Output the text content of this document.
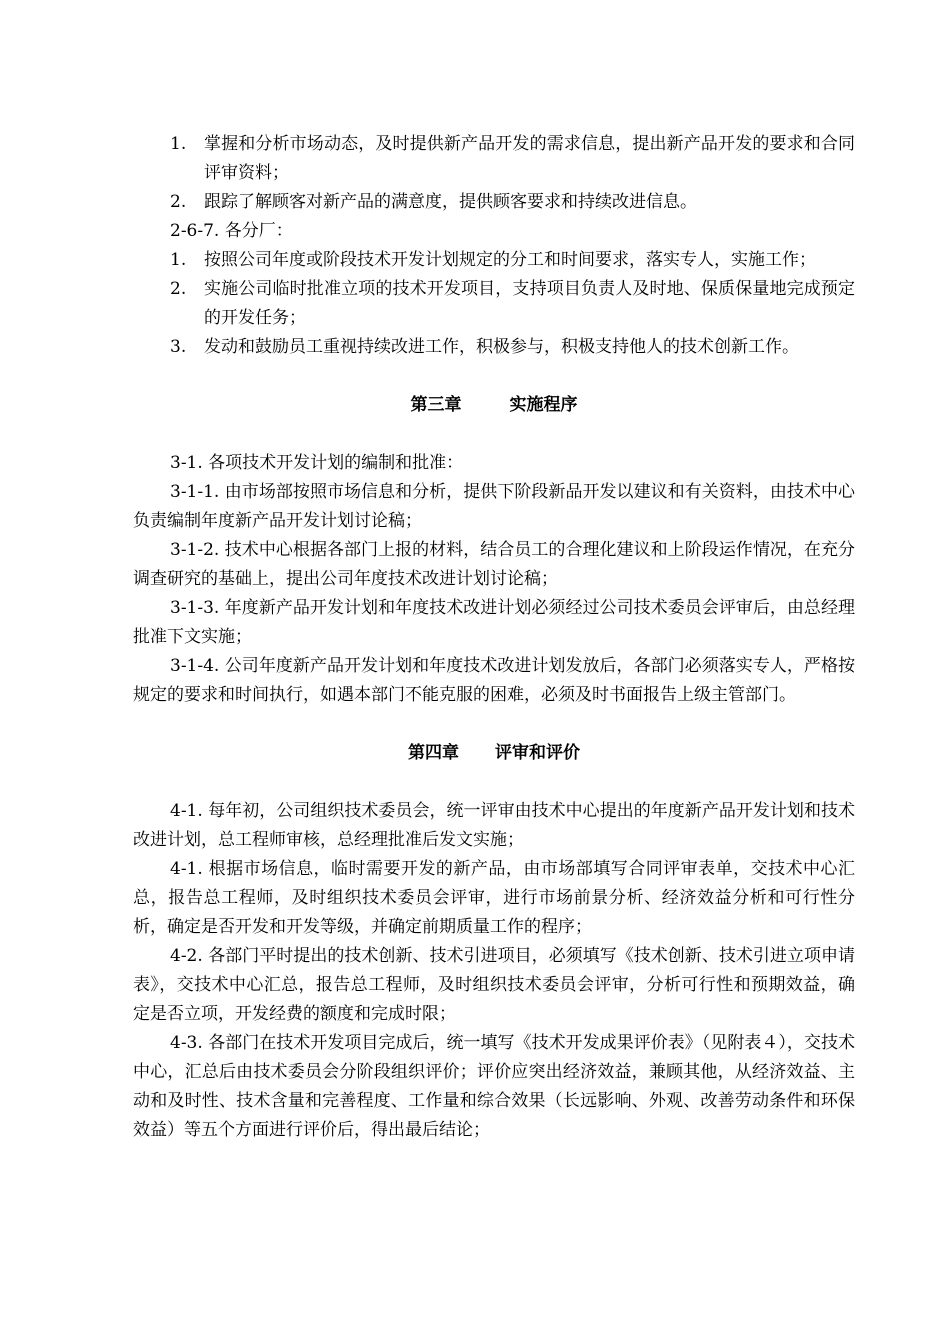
1.	掌握和分析市场动态，及时提供新产品开发的需求信息，提出新产品开发的要求和合同评审资料；
2.	跟踪了解顾客对新产品的满意度，提供顾客要求和持续改进信息。
2-6-7. 各分厂：
1.	按照公司年度或阶段技术开发计划规定的分工和时间要求，落实专人，实施工作；
2.	实施公司临时批准立项的技术开发项目，支持项目负责人及时地、保质保量地完成预定的开发任务；
3.	发动和鼓励员工重视持续改进工作，积极参与，积极支持他人的技术创新工作。
第三章	实施程序

3-1. 各项技术开发计划的编制和批准：

3-1-1. 由市场部按照市场信息和分析，提供下阶段新品开发以建议和有关资料，由技术中心负责编制年度新产品开发计划讨论稿；

3-1-2. 技术中心根据各部门上报的材料，结合员工的合理化建议和上阶段运作情况，在充分调查研究的基础上，提出公司年度技术改进计划讨论稿；

3-1-3. 年度新产品开发计划和年度技术改进计划必须经过公司技术委员会评审后，由总经理批准下文实施；

3-1-4. 公司年度新产品开发计划和年度技术改进计划发放后，各部门必须落实专人，严格按规定的要求和时间执行，如遇本部门不能克服的困难，必须及时书面报告上级主管部门。

第四章 评审和评价

4-1. 每年初，公司组织技术委员会，统一评审由技术中心提出的年度新产品开发计划和技术改进计划，总工程师审核，总经理批准后发文实施；

4-1. 根据市场信息，临时需要开发的新产品，由市场部填写合同评审表单，交技术中心汇总，报告总工程师，及时组织技术委员会评审，进行市场前景分析、经济效益分析和可行性分析，确定是否开发和开发等级，并确定前期质量工作的程序；

4-2. 各部门平时提出的技术创新、技术引进项目，必须填写《技术创新、技术引进立项申请表》，交技术中心汇总，报告总工程师，及时组织技术委员会评审，分析可行性和预期效益，确定是否立项，开发经费的额度和完成时限；

4-3. 各部门在技术开发项目完成后，统一填写《技术开发成果评价表》（见附表４），交技术中心，汇总后由技术委员会分阶段组织评价；评价应突出经济效益，兼顾其他，从经济效益、主动和及时性、技术含量和完善程度、工作量和综合效果（长远影响、外观、改善劳动条件和环保效益）等五个方面进行评价后，得出最后结论；
